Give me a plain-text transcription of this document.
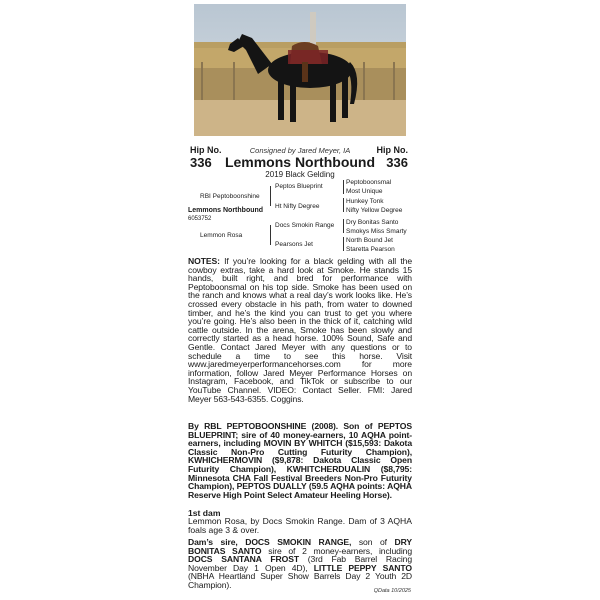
Consigned by Jared Meyer, IA
Hip No.
336
Hip No.
336
Lemmons Northbound
2019 Black Gelding
RBI Peptoboonshine
Lemmons Northbound
6053752
Lemmon Rosa
Peptos Blueprint
Ht Nifty Degree
Docs Smokin Range
Pearsons Jet
Peptoboonsmal
Most Unique
Hunkey Tonk
Nifty Yellow Degree
Dry Bonitas Santo
Smokys Miss Smarty
North Bound Jet
Staretta Pearson
NOTES: If you’re looking for a black gelding with all the cowboy extras, take a hard look at Smoke. He stands 15 hands, built right, and bred for performance with Peptoboonsmal on his top side. Smoke has been used on the ranch and knows what a real day’s work looks like. He’s crossed every obstacle in his path, from water to downed timber, and he’s the kind you can trust to get you where you’re going. He’s also been in the thick of it, catching wild cattle outside. In the arena, Smoke has been slowly and correctly started as a head horse. 100% Sound, Safe and Gentle. Contact Jared Meyer with any questions or to schedule a time to see this horse. Visit www.jaredmeyerperformancehorses.com for more information, follow Jared Meyer Performance Horses on Instagram, Facebook, and TikTok or subscribe to our YouTube Channel. VIDEO: Contact Seller. FMI: Jared Meyer 563-543-6355. Coggins.
By RBL PEPTOBOONSHINE (2008). Son of PEPTOS BLUEPRINT; sire of 40 money-earners, 10 AQHA point-earners, including MOVIN BY WHITCH ($15,593: Dakota Classic Non-Pro Cutting Futurity Champion), KWHICHERMOVIN ($9,878: Dakota Classic Open Futurity Champion), KWHITCHERDUALIN ($8,795: Minnesota CHA Fall Festival Breeders Non-Pro Futurity Champion), PEPTOS DUALLY (59.5 AQHA points: AQHA Reserve High Point Select Amateur Heeling Horse).
1st dam
Lemmon Rosa, by Docs Smokin Range. Dam of 3 AQHA foals age 3 & over.
Dam’s sire, DOCS SMOKIN RANGE, son of DRY BONITAS SANTO sire of 2 money-earners, including DOCS SANTANA FROST (3rd Fab Barrel Racing November Day 1 Open 4D), LITTLE PEPPY SANTO (NBHA Heartland Super Show Barrels Day 2 Youth 2D Champion).
QData 10/2025
